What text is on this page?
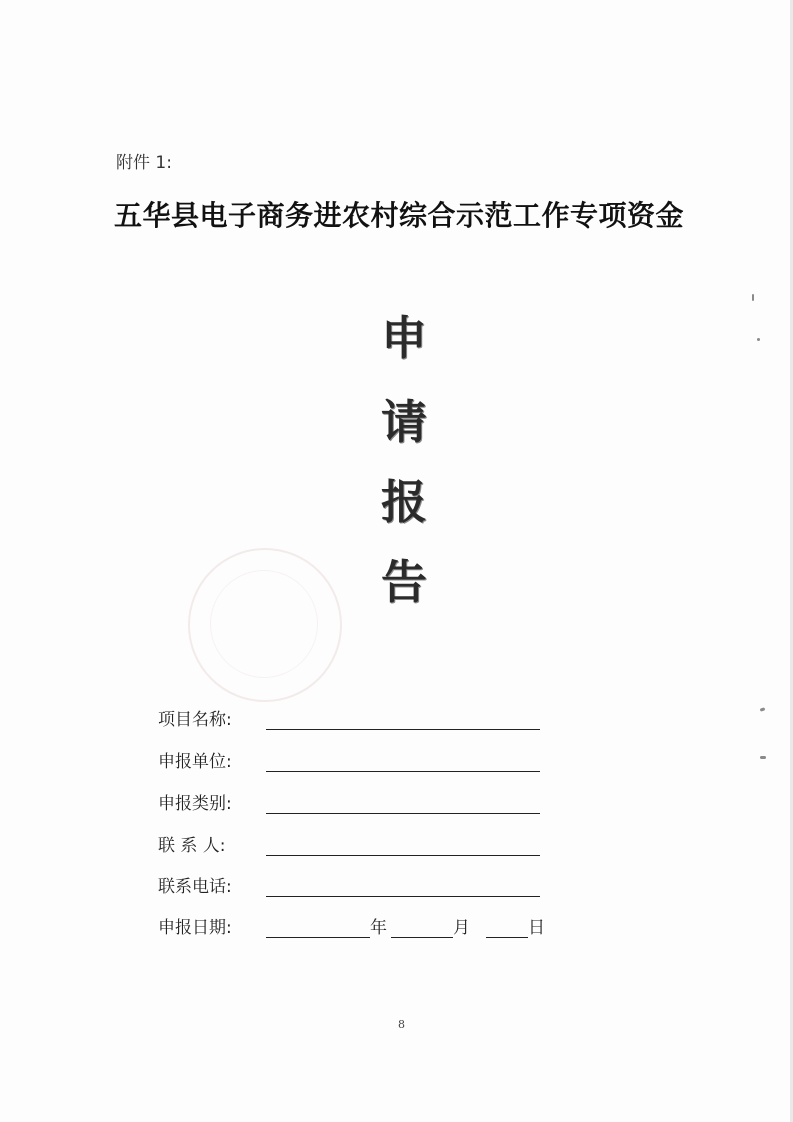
附件 1:
五华县电子商务进农村综合示范工作专项资金
申
请
报
告
项目名称:
申报单位:
申报类别:
联 系 人:
联系电话:
申报日期:	年	月	日
8
